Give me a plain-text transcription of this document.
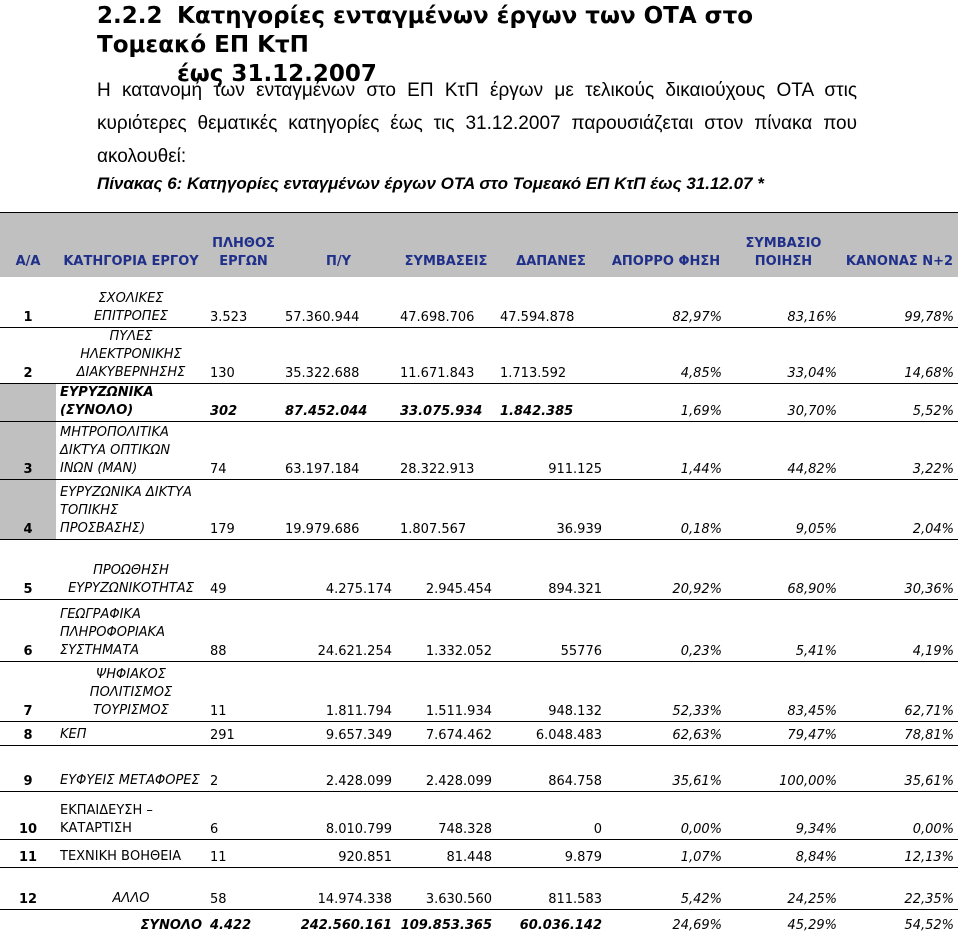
2.2.2 Κατηγορίες ενταγμένων έργων των ΟΤΑ στο Τομεακό ΕΠ ΚτΠ
έως 31.12.2007
Η κατανομή των ενταγμένων στο ΕΠ ΚτΠ έργων με τελικούς δικαιούχους ΟΤΑ στις
κυριότερες θεματικές κατηγορίες έως τις 31.12.2007 παρουσιάζεται στον πίνακα που
ακολουθεί:
Πίνακας 6: Κατηγορίες ενταγμένων έργων ΟΤΑ στο Τομεακό ΕΠ ΚτΠ έως 31.12.07 *
Α/Α	ΚΑΤΗΓΟΡΙΑ ΕΡΓΟΥ	ΠΛΗΘΟΣ ΕΡΓΩΝ	Π/Υ	ΣΥΜΒΑΣΕΙΣ	ΔΑΠΑΝΕΣ	ΑΠΟΡΡΟ ΦΗΣΗ	ΣΥΜΒΑΣΙΟ ΠΟΙΗΣΗ	ΚΑΝΟΝΑΣ Ν+2
1	ΣΧΟΛΙΚΕΣ ΕΠΙΤΡΟΠΕΣ	3.523	57.360.944	47.698.706	47.594.878	82,97%	83,16%	99,78%
2	ΠΥΛΕΣ ΗΛΕΚΤΡΟΝΙΚΗΣ ΔΙΑΚΥΒΕΡΝΗΣΗΣ	130	35.322.688	11.671.843	1.713.592	4,85%	33,04%	14,68%
	ΕΥΡΥΖΩΝΙΚΑ (ΣΥΝΟΛΟ)	302	87.452.044	33.075.934	1.842.385	1,69%	30,70%	5,52%
3	ΜΗΤΡΟΠΟΛΙΤΙΚΑ ΔΙΚΤΥΑ ΟΠΤΙΚΩΝ ΙΝΩΝ (MAN)	74	63.197.184	28.322.913	911.125	1,44%	44,82%	3,22%
4	ΕΥΡΥΖΩΝΙΚΑ ΔΙΚΤΥΑ ΤΟΠΙΚΗΣ ΠΡΟΣΒΑΣΗΣ)	179	19.979.686	1.807.567	36.939	0,18%	9,05%	2,04%
5	ΠΡΟΩΘΗΣΗ ΕΥΡΥΖΩΝΙΚΟΤΗΤΑΣ	49	4.275.174	2.945.454	894.321	20,92%	68,90%	30,36%
6	ΓΕΩΓΡΑΦΙΚΑ ΠΛΗΡΟΦΟΡΙΑΚΑ ΣΥΣΤΗΜΑΤΑ	88	24.621.254	1.332.052	55776	0,23%	5,41%	4,19%
7	ΨΗΦΙΑΚΟΣ ΠΟΛΙΤΙΣΜΟΣ ΤΟΥΡΙΣΜΟΣ	11	1.811.794	1.511.934	948.132	52,33%	83,45%	62,71%
8	ΚΕΠ	291	9.657.349	7.674.462	6.048.483	62,63%	79,47%	78,81%
9	ΕΥΦΥΕΙΣ ΜΕΤΑΦΟΡΕΣ	2	2.428.099	2.428.099	864.758	35,61%	100,00%	35,61%
10	ΕΚΠΑΙΔΕΥΣΗ – ΚΑΤΑΡΤΙΣΗ	6	8.010.799	748.328	0	0,00%	9,34%	0,00%
11	ΤΕΧΝΙΚΗ ΒΟΗΘΕΙΑ	11	920.851	81.448	9.879	1,07%	8,84%	12,13%
12	ΑΛΛΟ	58	14.974.338	3.630.560	811.583	5,42%	24,25%	22,35%
	ΣΥΝΟΛΟ	4.422	242.560.161	109.853.365	60.036.142	24,69%	45,29%	54,52%
